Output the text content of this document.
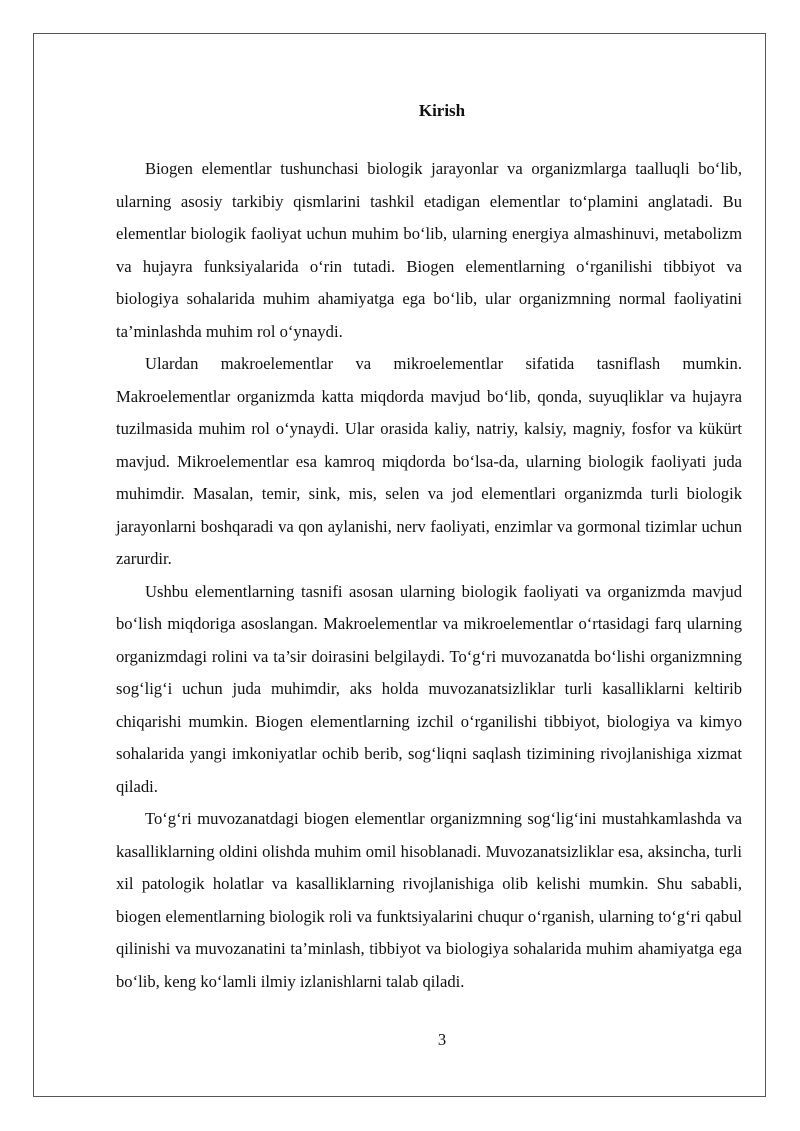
Kirish

Biogen elementlar tushunchasi biologik jarayonlar va organizmlarga taalluqli bo‘lib, ularning asosiy tarkibiy qismlarini tashkil etadigan elementlar to‘plamini anglatadi. Bu elementlar biologik faoliyat uchun muhim bo‘lib, ularning energiya almashinuvi, metabolizm va hujayra funksiyalarida o‘rin tutadi. Biogen elementlarning o‘rganilishi tibbiyot va biologiya sohalarida muhim ahamiyatga ega bo‘lib, ular organizmning normal faoliyatini ta’minlashda muhim rol o‘ynaydi.

Ulardan makroelementlar va mikroelementlar sifatida tasniflash mumkin. Makroelementlar organizmda katta miqdorda mavjud bo‘lib, qonda, suyuqliklar va hujayra tuzilmasida muhim rol o‘ynaydi. Ular orasida kaliy, natriy, kalsiy, magniy, fosfor va kükürt mavjud. Mikroelementlar esa kamroq miqdorda bo‘lsa-da, ularning biologik faoliyati juda muhimdir. Masalan, temir, sink, mis, selen va jod elementlari organizmda turli biologik jarayonlarni boshqaradi va qon aylanishi, nerv faoliyati, enzimlar va gormonal tizimlar uchun zarurdir.

Ushbu elementlarning tasnifi asosan ularning biologik faoliyati va organizmda mavjud bo‘lish miqdoriga asoslangan. Makroelementlar va mikroelementlar o‘rtasidagi farq ularning organizmdagi rolini va ta’sir doirasini belgilaydi. To‘g‘ri muvozanatda bo‘lishi organizmning sog‘lig‘i uchun juda muhimdir, aks holda muvozanatsizliklar turli kasalliklarni keltirib chiqarishi mumkin. Biogen elementlarning izchil o‘rganilishi tibbiyot, biologiya va kimyo sohalarida yangi imkoniyatlar ochib berib, sog‘liqni saqlash tizimining rivojlanishiga xizmat qiladi.

To‘g‘ri muvozanatdagi biogen elementlar organizmning sog‘lig‘ini mustahkamlashda va kasalliklarning oldini olishda muhim omil hisoblanadi. Muvozanatsizliklar esa, aksincha, turli xil patologik holatlar va kasalliklarning rivojlanishiga olib kelishi mumkin. Shu sababli, biogen elementlarning biologik roli va funktsiyalarini chuqur o‘rganish, ularning to‘g‘ri qabul qilinishi va muvozanatini ta’minlash, tibbiyot va biologiya sohalarida muhim ahamiyatga ega bo‘lib, keng ko‘lamli ilmiy izlanishlarni talab qiladi.

3
